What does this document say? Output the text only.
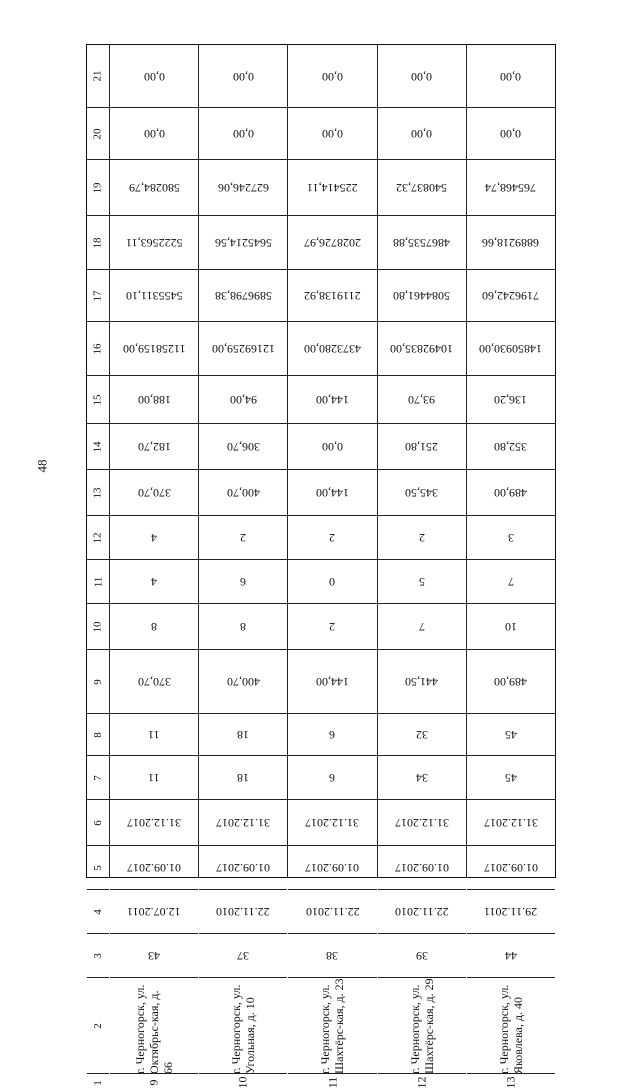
48
21
20
19
18
17
16
15
14
13
12
11
10
9
8
7
6
5
4
3
2
1
0,00
0,00
580284,79
5222563,11
5455311,10
11258159,00
188,00
182,70
370,70
4
4
8
370,70
11
11
31.12.2017
01.09.2017
12.07.2011
43
г. Черногорск, ул. Октябрьс-кая, д. 66
9
0,00
0,00
627246,06
5645214,56
5896798,38
12169259,00
94,00
306,70
400,70
2
6
8
400,70
18
18
31.12.2017
01.09.2017
22.11.2010
37
г. Черногорск, ул. Угольная, д. 10
10
0,00
0,00
225414,11
2028726,97
2119138,92
4373280,00
144,00
0,00
144,00
2
0
2
144,00
6
6
31.12.2017
01.09.2017
22.11.2010
38
г. Черногорск, ул. Шахтёрс-кая, д. 23
11
0,00
0,00
540837,32
4867535,88
5084461,80
10492835,00
93,70
251,80
345,50
2
5
7
441,50
32
34
31.12.2017
01.09.2017
22.11.2010
39
г. Черногорск, ул. Шахтёрс-кая, д. 29
12
0,00
0,00
765468,74
6889218,66
7196242,60
14850930,00
136,20
352,80
489,00
3
7
10
489,00
45
45
31.12.2017
01.09.2017
29.11.2011
44
г. Черногорск, ул. Яковлева, д. 40
13
